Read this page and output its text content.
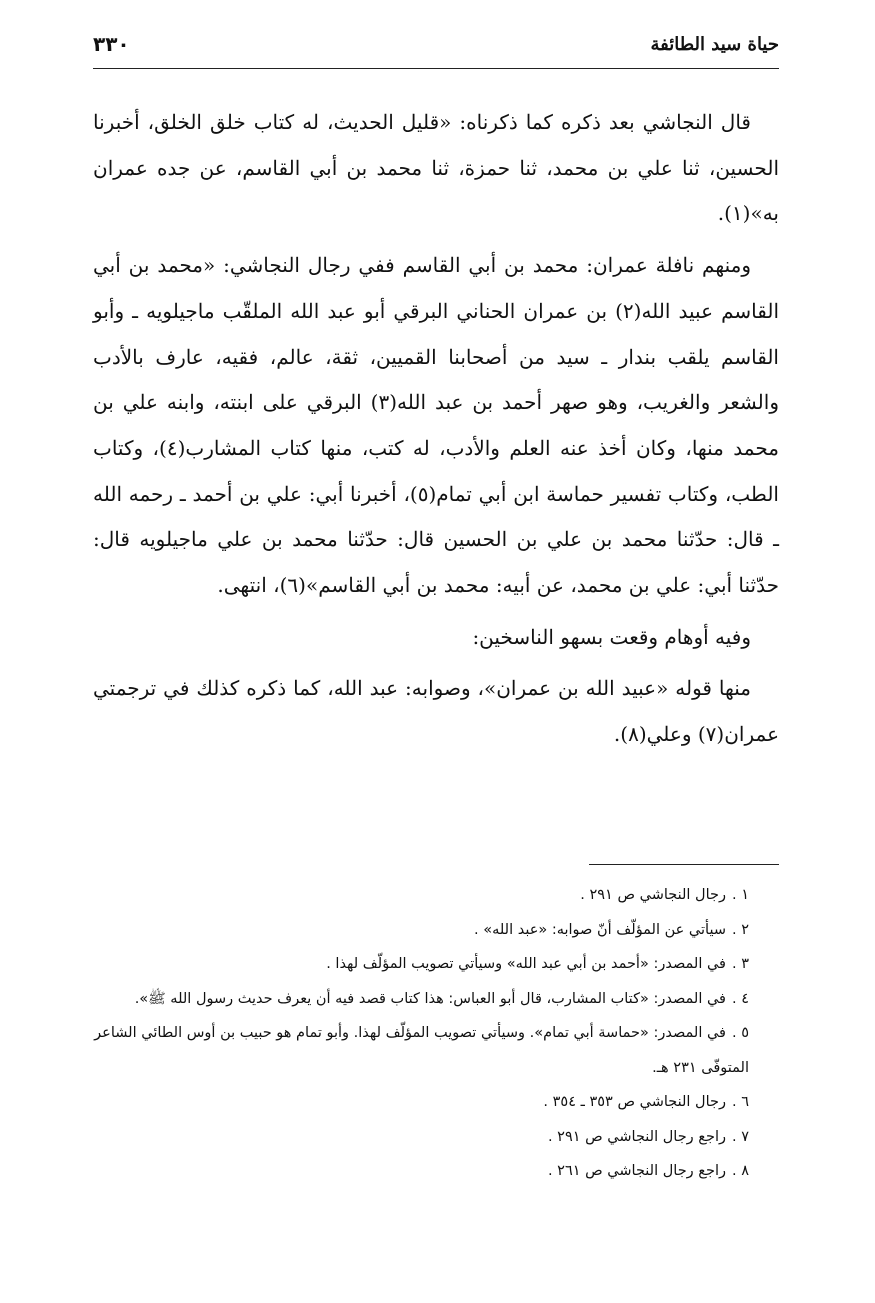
حياة سيد الطائفة
٣٣٠

قال النجاشي بعد ذكره كما ذكرناه: «قليل الحديث، له كتاب خلق الخلق، أخبرنا الحسين، ثنا علي بن محمد، ثنا حمزة، ثنا محمد بن أبي القاسم، عن جده عمران به»(١).

ومنهم نافلة عمران: محمد بن أبي القاسم ففي رجال النجاشي: «محمد بن أبي القاسم عبيد الله(٢) بن عمران الحناني البرقي أبو عبد الله الملقّب ماجيلويه ـ وأبو القاسم يلقب بندار ـ سيد من أصحابنا القميين، ثقة، عالم، فقيه، عارف بالأدب والشعر والغريب، وهو صهر أحمد بن عبد الله(٣) البرقي على ابنته، وابنه علي بن محمد منها، وكان أخذ عنه العلم والأدب، له كتب، منها كتاب المشارب(٤)، وكتاب الطب، وكتاب تفسير حماسة ابن أبي تمام(٥)، أخبرنا أبي: علي بن أحمد ـ رحمه الله ـ قال: حدّثنا محمد بن علي بن الحسين قال: حدّثنا محمد بن علي ماجيلويه قال: حدّثنا أبي: علي بن محمد، عن أبيه: محمد بن أبي القاسم»(٦)، انتهى.

وفيه أوهام وقعت بسهو الناسخين:

منها قوله «عبيد الله بن عمران»، وصوابه: عبد الله، كما ذكره كذلك في ترجمتي عمران(٧) وعلي(٨).

١ .رجال النجاشي ص ٢٩١ .

٢ .سيأتي عن المؤلّف أنّ صوابه: «عبد الله» .

٣ .في المصدر: «أحمد بن أبي عبد الله» وسيأتي تصويب المؤلّف لهذا .

٤ .في المصدر: «كتاب المشارب، قال أبو العباس: هذا كتاب قصد فيه أن يعرف حديث رسول الله ﷺ».

٥ .في المصدر: «حماسة أبي تمام». وسيأتي تصويب المؤلّف لهذا. وأبو تمام هو حبيب بن أوس الطائي الشاعر المتوفّى ٢٣١ هـ.

٦ .رجال النجاشي ص ٣٥٣ ـ ٣٥٤ .

٧ .راجع رجال النجاشي ص ٢٩١ .

٨ .راجع رجال النجاشي ص ٢٦١ .
